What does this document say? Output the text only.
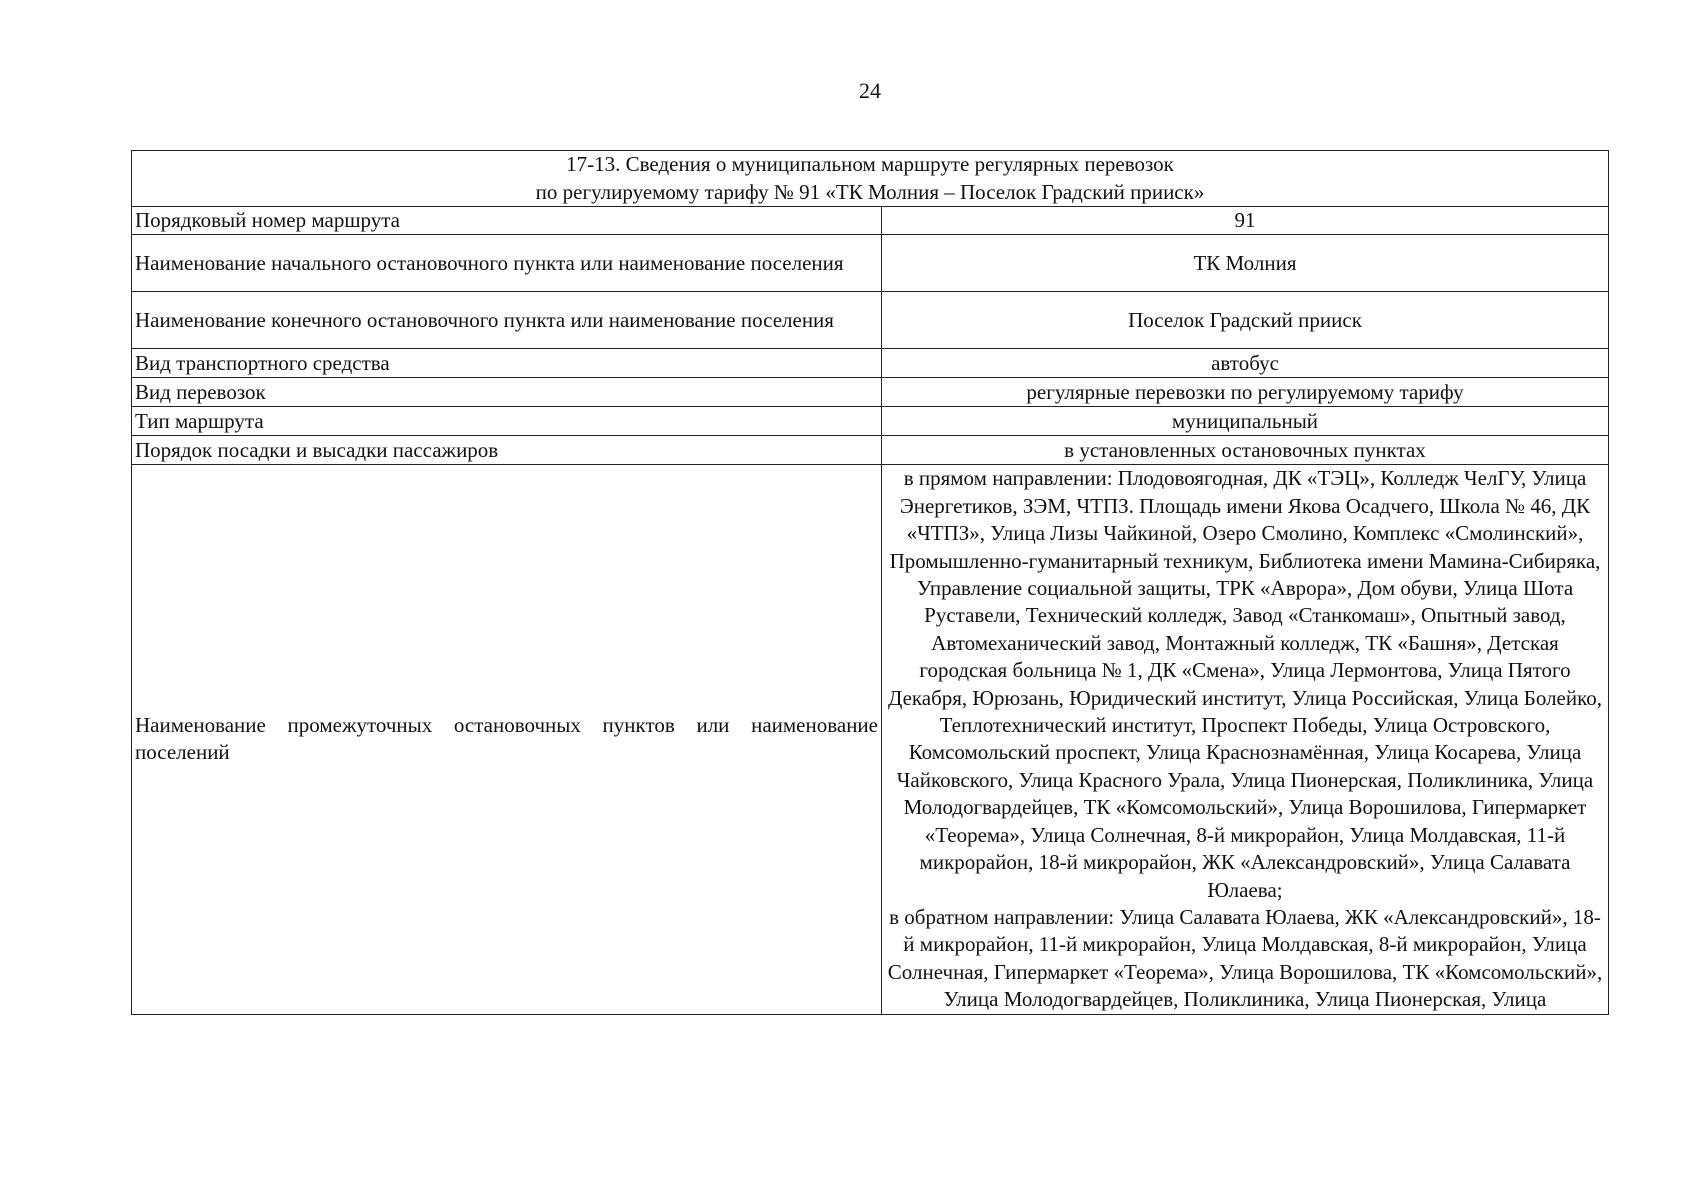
24
17-13. Сведения о муниципальном маршруте регулярных перевозок
по регулируемому тарифу № 91 «ТК Молния – Поселок Градский прииск»	

Порядковый номер маршрута	91
Наименование начального остановочного пункта или наименование поселения	ТК Молния
Наименование конечного остановочного пункта или наименование поселения	Поселок Градский прииск
Вид транспортного средства	автобус
Вид перевозок	регулярные перевозки по регулируемому тарифу
Тип маршрута	муниципальный
Порядок посадки и высадки пассажиров	в установленных остановочных пунктах
Наименование промежуточных остановочных пунктов или наименование поселений	в прямом направлении: Плодовоягодная, ДК «ТЭЦ», Колледж ЧелГУ, Улица Энергетиков, ЗЭМ, ЧТПЗ. Площадь имени Якова Осадчего, Школа № 46, ДК «ЧТПЗ», Улица Лизы Чайкиной, Озеро Смолино, Комплекс «Смолинский», Промышленно-гуманитарный техникум, Библиотека имени Мамина-Сибиряка, Управление социальной защиты, ТРК «Аврора», Дом обуви, Улица Шота Руставели, Технический колледж, Завод «Станкомаш», Опытный завод, Автомеханический завод, Монтажный колледж, ТК «Башня», Детская городская больница № 1, ДК «Смена», Улица Лермонтова, Улица Пятого Декабря, Юрюзань, Юридический институт, Улица Российская, Улица Болейко, Теплотехнический институт, Проспект Победы, Улица Островского, Комсомольский проспект, Улица Краснознамённая, Улица Косарева, Улица Чайковского, Улица Красного Урала, Улица Пионерская, Поликлиника, Улица Молодогвардейцев, ТК «Комсомольский», Улица Ворошилова, Гипермаркет «Теорема», Улица Солнечная, 8-й микрорайон, Улица Молдавская, 11-й микрорайон, 18-й микрорайон, ЖК «Александровский», Улица Салавата Юлаева;
в обратном направлении: Улица Салавата Юлаева, ЖК «Александровский», 18-й микрорайон, 11-й микрорайон, Улица Молдавская, 8-й микрорайон, Улица Солнечная, Гипермаркет «Теорема», Улица Ворошилова, ТК «Комсомольский», Улица Молодогвардейцев, Поликлиника, Улица Пионерская, Улица
